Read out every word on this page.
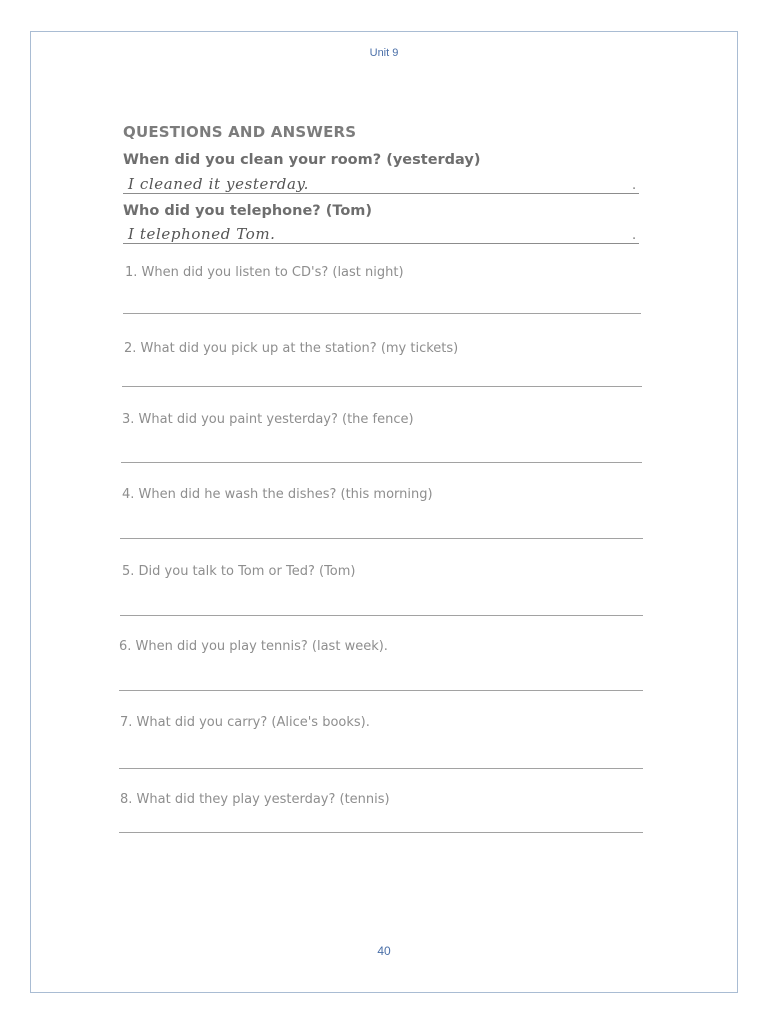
Unit 9
QUESTIONS AND ANSWERS
When did you clean your room? (yesterday)
I cleaned it yesterday.	.
Who did you telephone? (Tom)
I telephoned Tom.	.
1. When did you listen to CD's? (last night)
2. What did you pick up at the station? (my tickets)
3. What did you paint yesterday? (the fence)
4. When did he wash the dishes? (this morning)
5. Did you talk to Tom or Ted? (Tom)
6. When did you play tennis? (last week).
7. What did you carry? (Alice's books).
8. What did they play yesterday? (tennis)
40
